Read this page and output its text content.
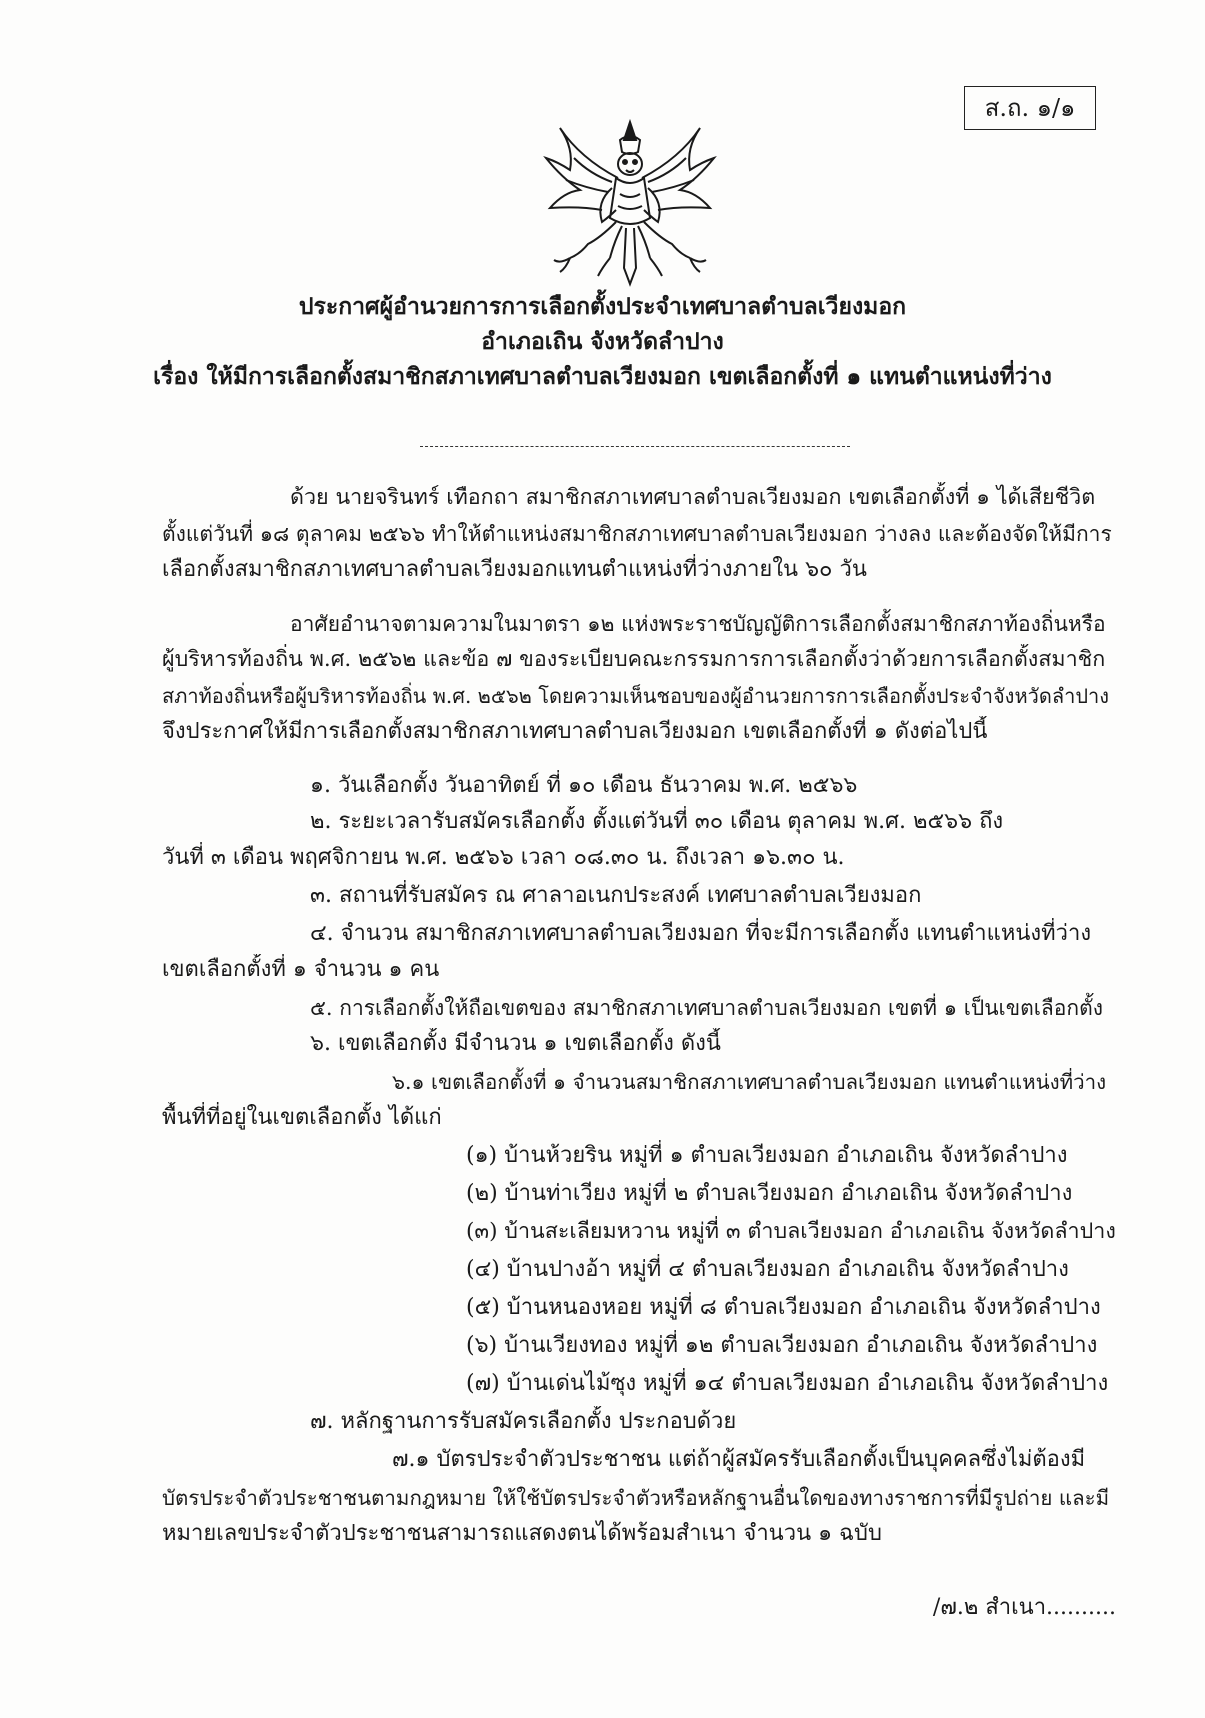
ส.ถ. ๑/๑
ประกาศผู้อำนวยการการเลือกตั้งประจำเทศบาลตำบลเวียงมอก
อำเภอเถิน จังหวัดลำปาง
เรื่อง ให้มีการเลือกตั้งสมาชิกสภาเทศบาลตำบลเวียงมอก เขตเลือกตั้งที่ ๑ แทนตำแหน่งที่ว่าง
ด้วย นายจรินทร์ เทือกถา สมาชิกสภาเทศบาลตำบลเวียงมอก เขตเลือกตั้งที่ ๑ ได้เสียชีวิต
ตั้งแต่วันที่ ๑๘ ตุลาคม ๒๕๖๖ ทำให้ตำแหน่งสมาชิกสภาเทศบาลตำบลเวียงมอก ว่างลง และต้องจัดให้มีการ
เลือกตั้งสมาชิกสภาเทศบาลตำบลเวียงมอกแทนตำแหน่งที่ว่างภายใน ๖๐ วัน
อาศัยอำนาจตามความในมาตรา ๑๒ แห่งพระราชบัญญัติการเลือกตั้งสมาชิกสภาท้องถิ่นหรือ
ผู้บริหารท้องถิ่น พ.ศ. ๒๕๖๒ และข้อ ๗ ของระเบียบคณะกรรมการการเลือกตั้งว่าด้วยการเลือกตั้งสมาชิก
สภาท้องถิ่นหรือผู้บริหารท้องถิ่น พ.ศ. ๒๕๖๒ โดยความเห็นชอบของผู้อำนวยการการเลือกตั้งประจำจังหวัดลำปาง
จึงประกาศให้มีการเลือกตั้งสมาชิกสภาเทศบาลตำบลเวียงมอก เขตเลือกตั้งที่ ๑ ดังต่อไปนี้
๑. วันเลือกตั้ง วันอาทิตย์ ที่ ๑๐ เดือน ธันวาคม พ.ศ. ๒๕๖๖
๒. ระยะเวลารับสมัครเลือกตั้ง ตั้งแต่วันที่ ๓๐ เดือน ตุลาคม พ.ศ. ๒๕๖๖ ถึง
วันที่ ๓ เดือน พฤศจิกายน พ.ศ. ๒๕๖๖ เวลา ๐๘.๓๐ น. ถึงเวลา ๑๖.๓๐ น.
๓. สถานที่รับสมัคร ณ ศาลาอเนกประสงค์ เทศบาลตำบลเวียงมอก
๔. จำนวน สมาชิกสภาเทศบาลตำบลเวียงมอก ที่จะมีการเลือกตั้ง แทนตำแหน่งที่ว่าง
เขตเลือกตั้งที่ ๑ จำนวน ๑ คน
๕. การเลือกตั้งให้ถือเขตของ สมาชิกสภาเทศบาลตำบลเวียงมอก เขตที่ ๑ เป็นเขตเลือกตั้ง
๖. เขตเลือกตั้ง มีจำนวน ๑ เขตเลือกตั้ง ดังนี้
๖.๑ เขตเลือกตั้งที่ ๑ จำนวนสมาชิกสภาเทศบาลตำบลเวียงมอก แทนตำแหน่งที่ว่าง
พื้นที่ที่อยู่ในเขตเลือกตั้ง ได้แก่
(๑) บ้านห้วยริน หมู่ที่ ๑ ตำบลเวียงมอก อำเภอเถิน จังหวัดลำปาง
(๒) บ้านท่าเวียง หมู่ที่ ๒ ตำบลเวียงมอก อำเภอเถิน จังหวัดลำปาง
(๓) บ้านสะเลียมหวาน หมู่ที่ ๓ ตำบลเวียงมอก อำเภอเถิน จังหวัดลำปาง
(๔) บ้านปางอ้า หมู่ที่ ๔ ตำบลเวียงมอก อำเภอเถิน จังหวัดลำปาง
(๕) บ้านหนองหอย หมู่ที่ ๘ ตำบลเวียงมอก อำเภอเถิน จังหวัดลำปาง
(๖) บ้านเวียงทอง หมู่ที่ ๑๒ ตำบลเวียงมอก อำเภอเถิน จังหวัดลำปาง
(๗) บ้านเด่นไม้ซุง หมู่ที่ ๑๔ ตำบลเวียงมอก อำเภอเถิน จังหวัดลำปาง
๗. หลักฐานการรับสมัครเลือกตั้ง ประกอบด้วย
๗.๑ บัตรประจำตัวประชาชน แต่ถ้าผู้สมัครรับเลือกตั้งเป็นบุคคลซึ่งไม่ต้องมี
บัตรประจำตัวประชาชนตามกฎหมาย ให้ใช้บัตรประจำตัวหรือหลักฐานอื่นใดของทางราชการที่มีรูปถ่าย และมี
หมายเลขประจำตัวประชาชนสามารถแสดงตนได้พร้อมสำเนา จำนวน ๑ ฉบับ
/๗.๒ สำเนา..........
